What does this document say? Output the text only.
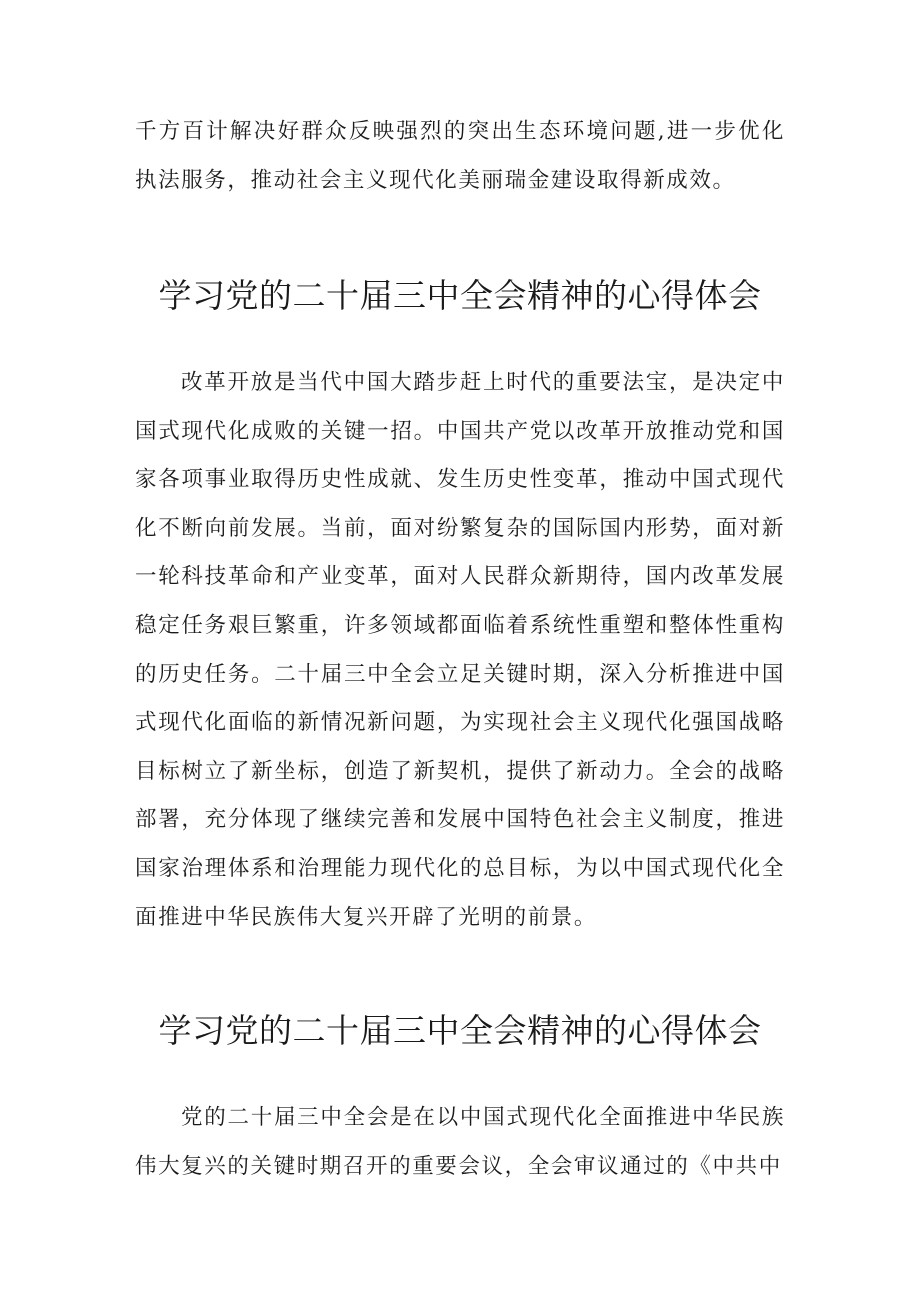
千方百计解决好群众反映强烈的突出生态环境问题,进一步优化执法服务，推动社会主义现代化美丽瑞金建设取得新成效。

学习党的二十届三中全会精神的心得体会

改革开放是当代中国大踏步赶上时代的重要法宝，是决定中国式现代化成败的关键一招。中国共产党以改革开放推动党和国家各项事业取得历史性成就、发生历史性变革，推动中国式现代化不断向前发展。当前，面对纷繁复杂的国际国内形势，面对新一轮科技革命和产业变革，面对人民群众新期待，国内改革发展稳定任务艰巨繁重，许多领域都面临着系统性重塑和整体性重构的历史任务。二十届三中全会立足关键时期，深入分析推进中国式现代化面临的新情况新问题，为实现社会主义现代化强国战略目标树立了新坐标，创造了新契机，提供了新动力。全会的战略部署，充分体现了继续完善和发展中国特色社会主义制度，推进国家治理体系和治理能力现代化的总目标，为以中国式现代化全面推进中华民族伟大复兴开辟了光明的前景。

学习党的二十届三中全会精神的心得体会

党的二十届三中全会是在以中国式现代化全面推进中华民族伟大复兴的关键时期召开的重要会议，全会审议通过的《中共中
